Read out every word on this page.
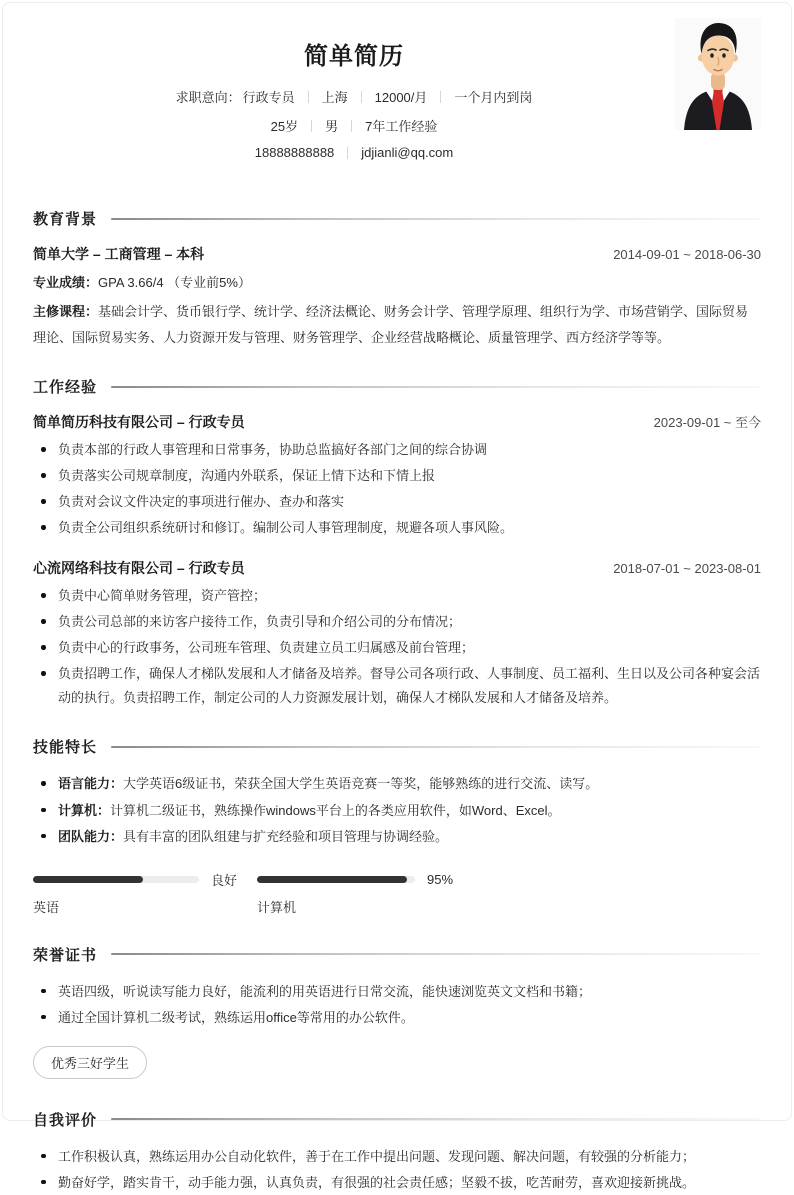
简单简历
求职意向： 行政专员 上海 12000/月 一个月内到岗
25岁 男 7年工作经验
18888888888 jdjianli@qq.com
教育背景
简单大学 – 工商管理 – 本科	2014-09-01 ~ 2018-06-30

专业成绩：GPA 3.66/4 （专业前5%）

主修课程：基础会计学、货币银行学、统计学、经济法概论、财务会计学、管理学原理、组织行为学、市场营销学、国际贸易理论、国际贸易实务、人力资源开发与管理、财务管理学、企业经营战略概论、质量管理学、西方经济学等等。

工作经验
简单简历科技有限公司 – 行政专员	2023-09-01 ~ 至今
负责本部的行政人事管理和日常事务，协助总监搞好各部门之间的综合协调
负责落实公司规章制度，沟通内外联系，保证上情下达和下情上报
负责对会议文件决定的事项进行催办、查办和落实
负责全公司组织系统研讨和修订。编制公司人事管理制度，规避各项人事风险。
心流网络科技有限公司 – 行政专员	2018-07-01 ~ 2023-08-01
负责中心简单财务管理，资产管控；
负责公司总部的来访客户接待工作，负责引导和介绍公司的分布情况；
负责中心的行政事务，公司班车管理、负责建立员工归属感及前台管理；
负责招聘工作，确保人才梯队发展和人才储备及培养。督导公司各项行政、人事制度、员工福利、生日以及公司各种宴会活动的执行。负责招聘工作，制定公司的人力资源发展计划，确保人才梯队发展和人才储备及培养。
技能特长
语言能力：大学英语6级证书，荣获全国大学生英语竞赛一等奖，能够熟练的进行交流、读写。
计算机：计算机二级证书，熟练操作windows平台上的各类应用软件，如Word、Excel。
团队能力：具有丰富的团队组建与扩充经验和项目管理与协调经验。
良好
英语
95%
计算机
荣誉证书
英语四级，听说读写能力良好，能流利的用英语进行日常交流，能快速浏览英文文档和书籍；
通过全国计算机二级考试，熟练运用office等常用的办公软件。
优秀三好学生
自我评价
工作积极认真，熟练运用办公自动化软件，善于在工作中提出问题、发现问题、解决问题，有较强的分析能力；
勤奋好学，踏实肯干，动手能力强，认真负责，有很强的社会责任感；坚毅不拔，吃苦耐劳，喜欢迎接新挑战。
